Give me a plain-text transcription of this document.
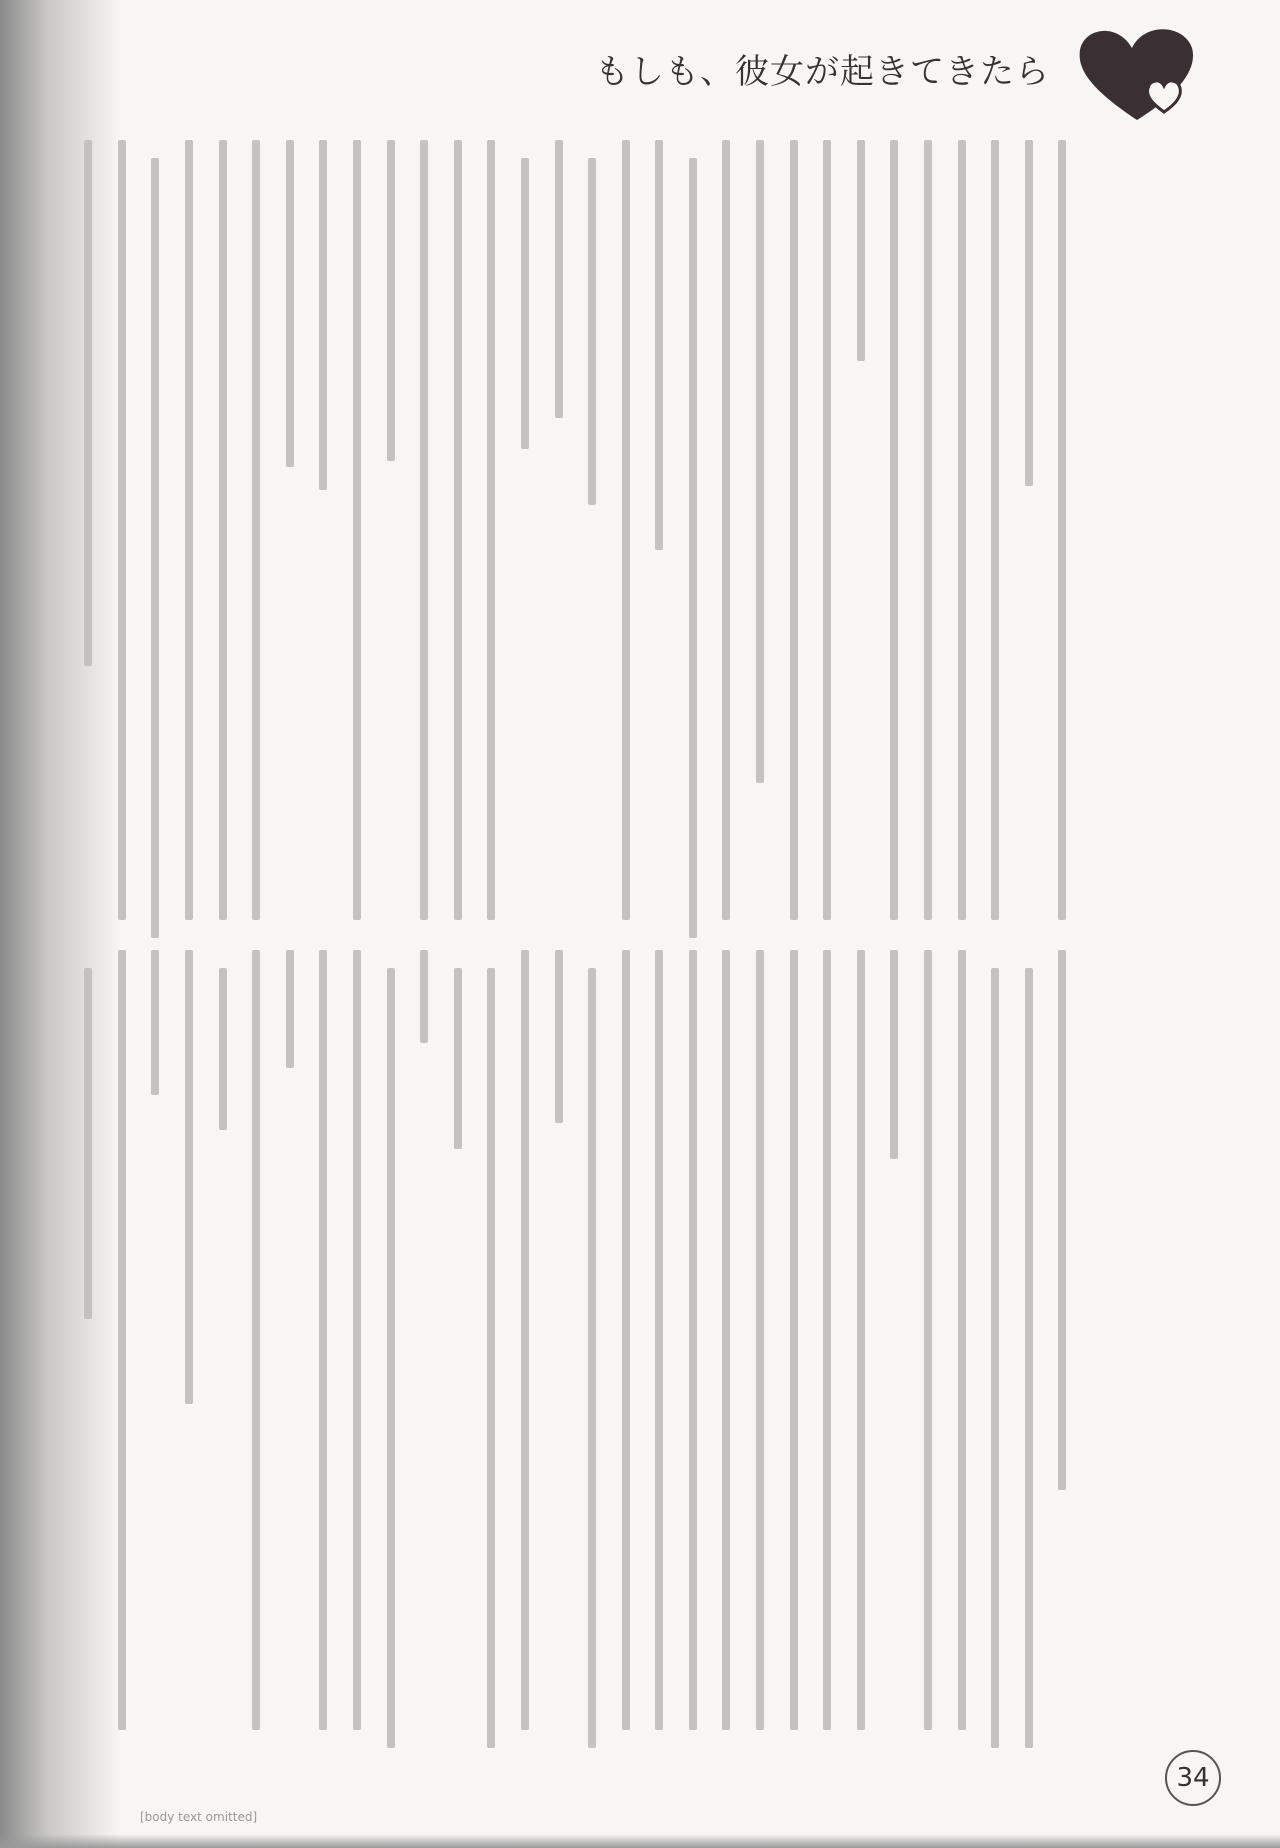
もしも、彼女が起きてきたら
34
[body text omitted]
